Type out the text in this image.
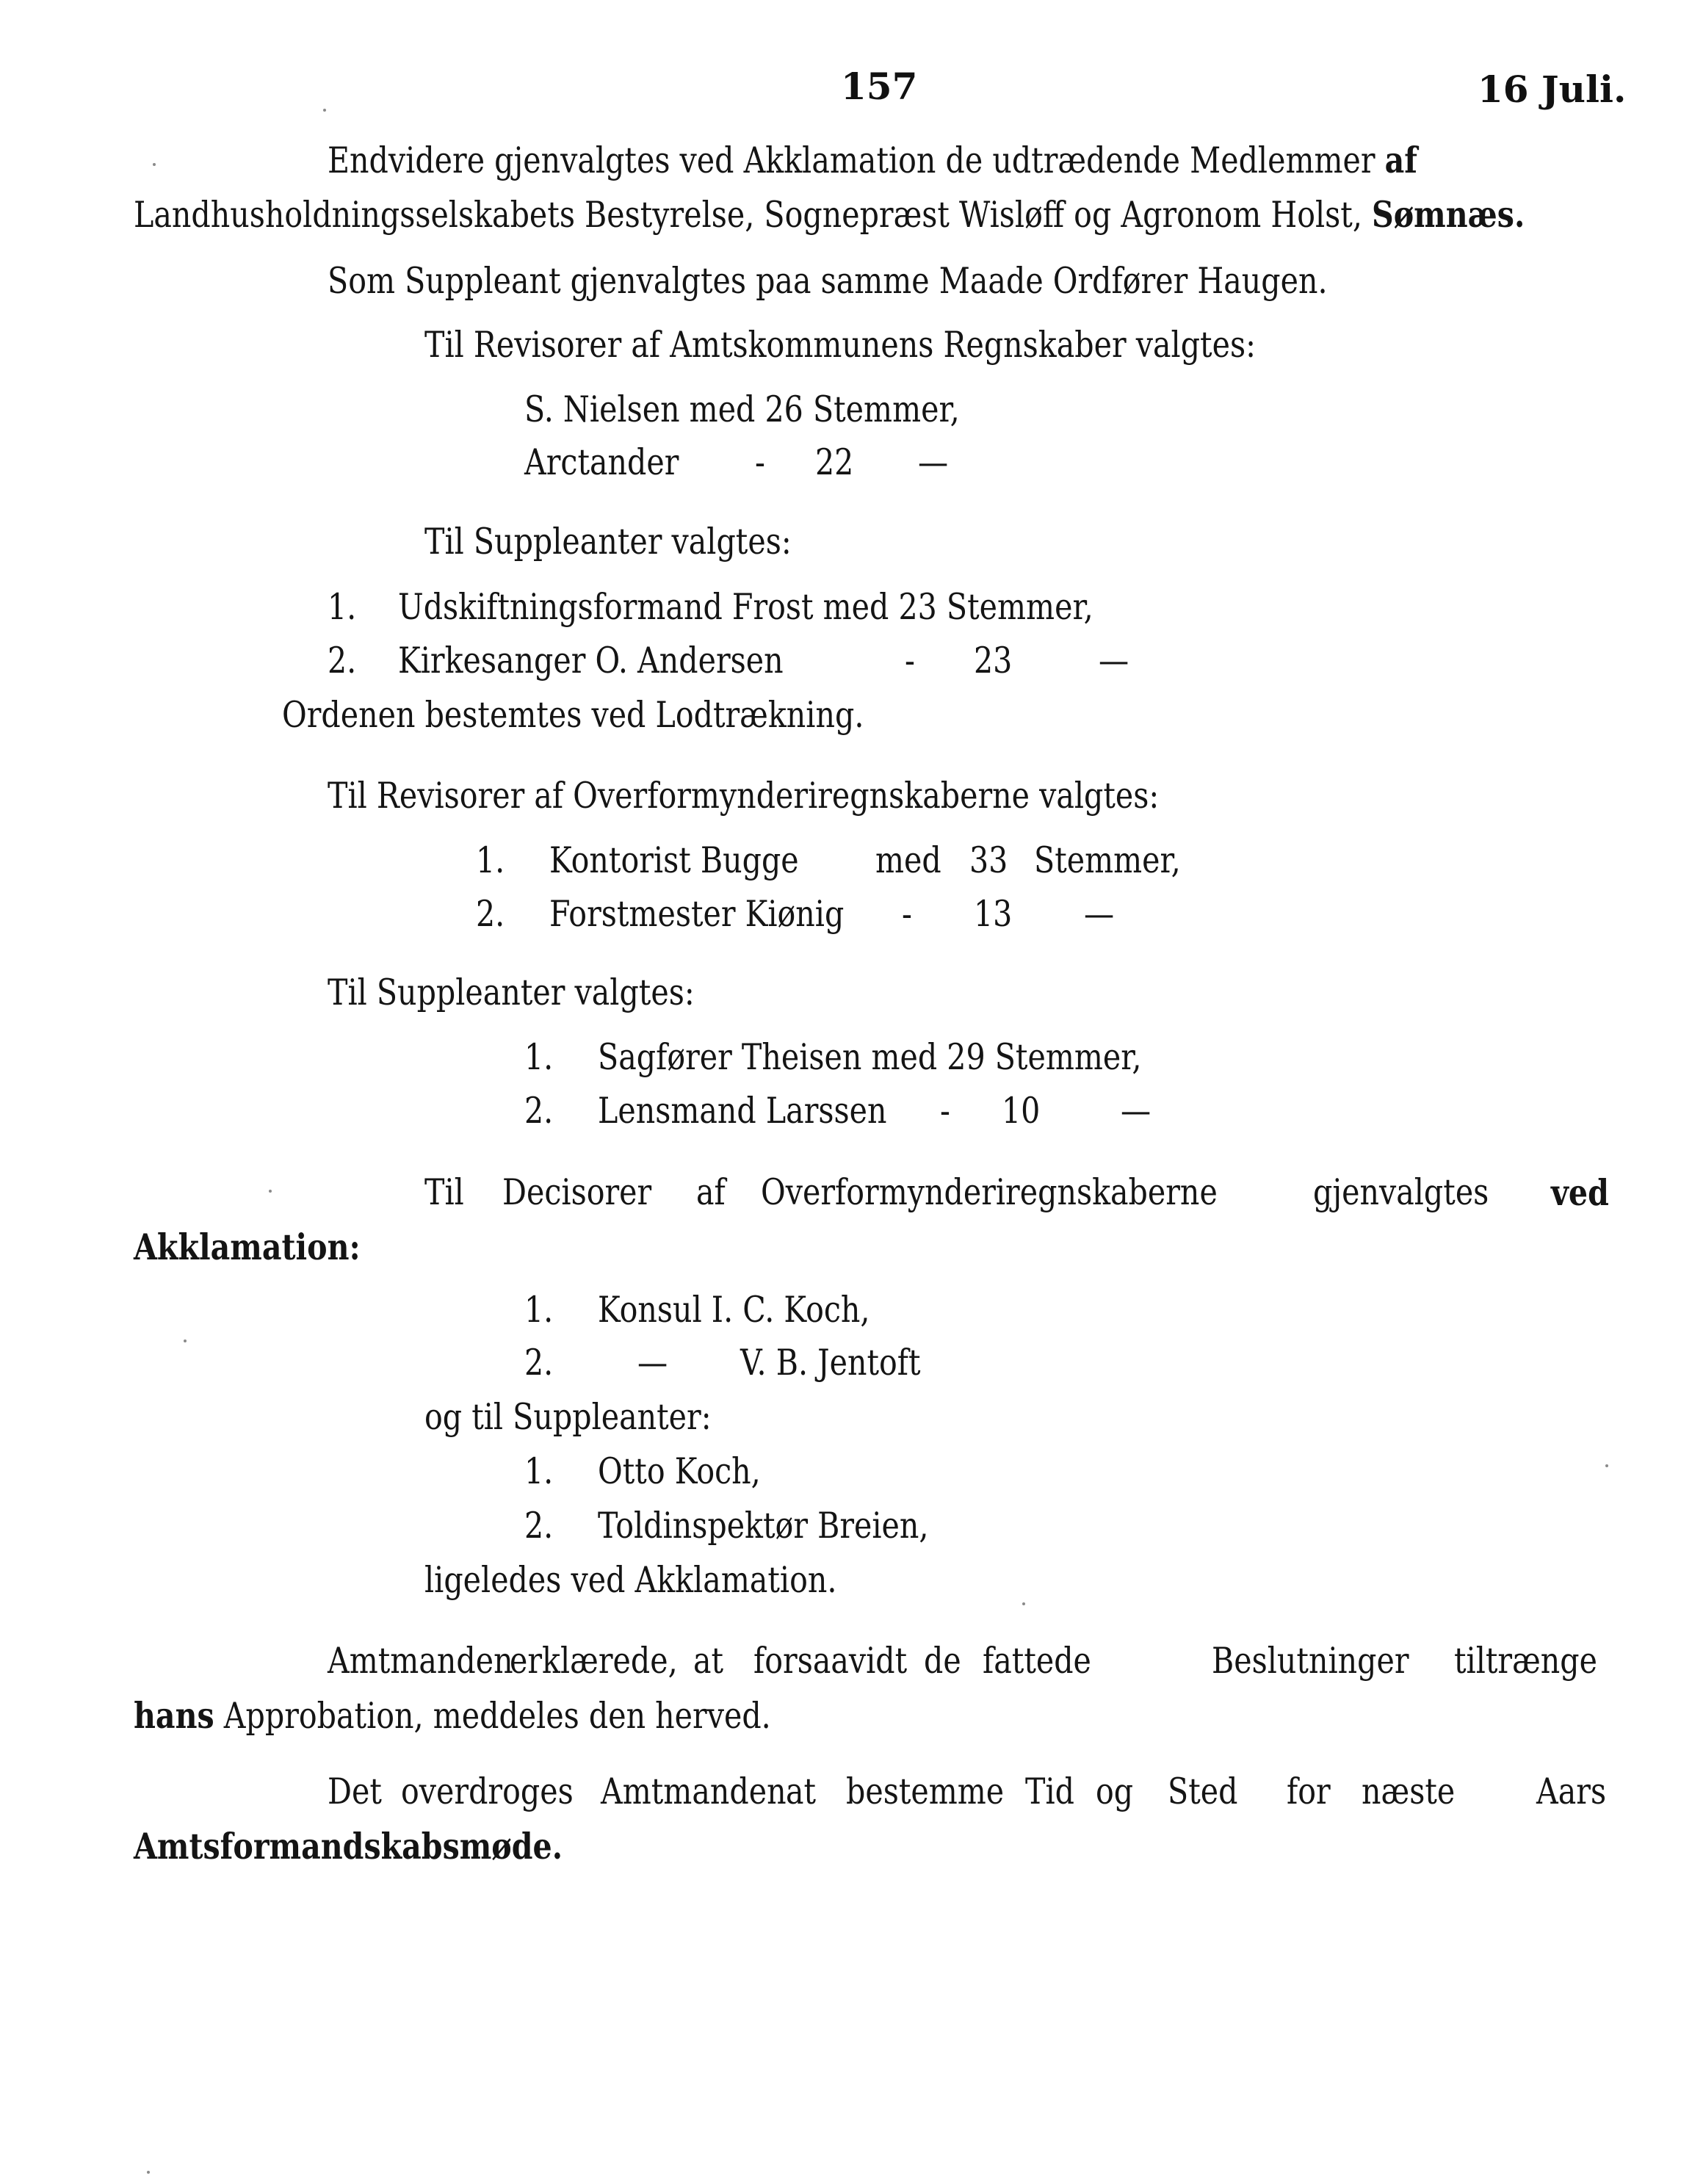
157	16 Juli.
Endvidere gjenvalgtes ved Akklamation de udtrædende Medlemmer af
Landhusholdningsselskabets Bestyrelse, Sognepræst Wisløff og Agronom Holst, Sømnæs.
Som Suppleant gjenvalgtes paa samme Maade Ordfører Haugen.
Til Revisorer af Amtskommunens Regnskaber valgtes:
S. Nielsen med 26 Stemmer,
Arctander - 22 —
Til Suppleanter valgtes:
1. Udskiftningsformand Frost med 23 Stemmer,
2. Kirkesanger O. Andersen	- 23 —
Ordenen bestemtes ved Lodtrækning.
Til Revisorer af Overformynderiregnskaberne valgtes:
1. Kontorist Bugge med 33 Stemmer,
2. Forstmester Kiønig - 13 —
Til Suppleanter valgtes:
1. Sagfører Theisen med 29 Stemmer,
2. Lensmand Larssen - 10 —
Til Decisorer af Overformynderiregnskaberne	gjenvalgtes ved
Akklamation:
1. Konsul I. C. Koch,
2. — V. B. Jentoft
og til Suppleanter:
1. Otto Koch,
2. Toldinspektør Breien,
ligeledes ved Akklamation.
Amtmanden
erklærede, at forsaavidt de fattede	Beslutninger tiltrænge
hans Approbation, meddeles den herved.
Det overdroges Amtmanden at bestemme Tid og Sted for næste Aars
Amtsformandskabsmøde.
